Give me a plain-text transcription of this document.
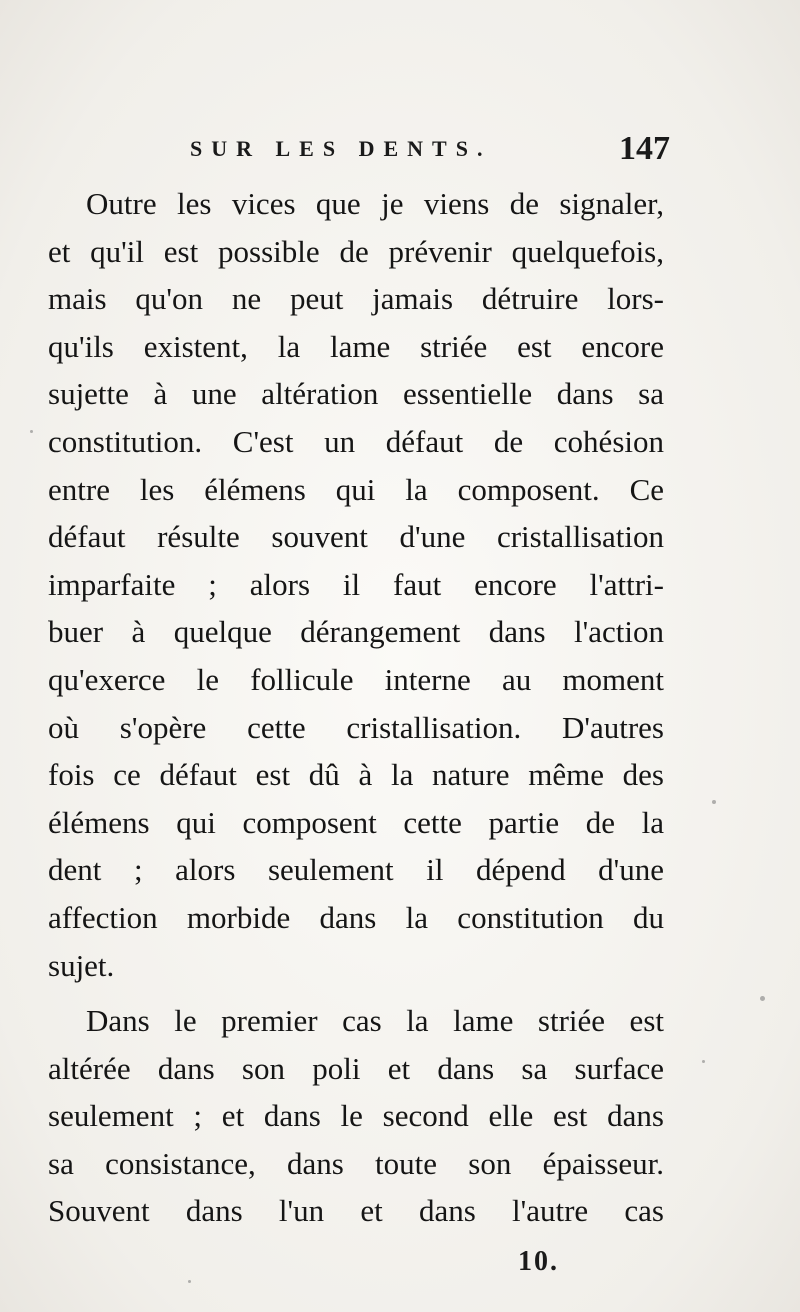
SUR LES DENTS.	147
Outre les vices que je viens de signaler,
et qu'il est possible de prévenir quelquefois,
mais qu'on ne peut jamais détruire lors-
qu'ils existent, la lame striée est encore
sujette à une altération essentielle dans sa
constitution. C'est un défaut de cohésion
entre les élémens qui la composent. Ce
défaut résulte souvent d'une cristallisation
imparfaite ; alors il faut encore l'attri-
buer à quelque dérangement dans l'action
qu'exerce le follicule interne au moment
où s'opère cette cristallisation. D'autres
fois ce défaut est dû à la nature même des
élémens qui composent cette partie de la
dent ; alors seulement il dépend d'une
affection morbide dans la constitution du
sujet.
Dans le premier cas la lame striée est
altérée dans son poli et dans sa surface
seulement ; et dans le second elle est dans
sa consistance, dans toute son épaisseur.
Souvent dans l'un et dans l'autre cas
10.
